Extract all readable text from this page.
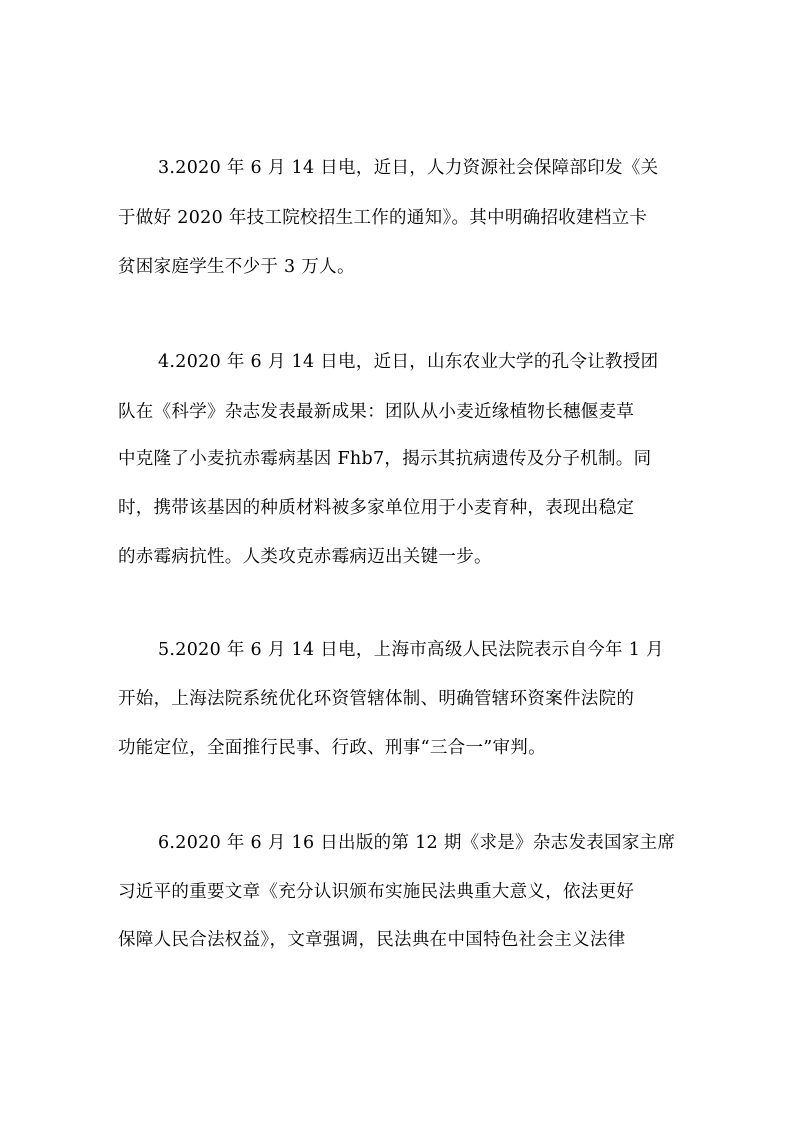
3.2020 年 6 月 14 日电，近日，人力资源社会保障部印发《关
于做好 2020 年技工院校招生工作的通知》。其中明确招收建档立卡
贫困家庭学生不少于 3 万人。
4.2020 年 6 月 14 日电，近日，山东农业大学的孔令让教授团
队在《科学》杂志发表最新成果：团队从小麦近缘植物长穗偃麦草
中克隆了小麦抗赤霉病基因 Fhb7，揭示其抗病遗传及分子机制。同
时，携带该基因的种质材料被多家单位用于小麦育种，表现出稳定
的赤霉病抗性。人类攻克赤霉病迈出关键一步。
5.2020 年 6 月 14 日电，上海市高级人民法院表示自今年 1 月
开始，上海法院系统优化环资管辖体制、明确管辖环资案件法院的
功能定位，全面推行民事、行政、刑事“三合一”审判。
6.2020 年 6 月 16 日出版的第 12 期《求是》杂志发表国家主席
习近平的重要文章《充分认识颁布实施民法典重大意义，依法更好
保障人民合法权益》，文章强调，民法典在中国特色社会主义法律
